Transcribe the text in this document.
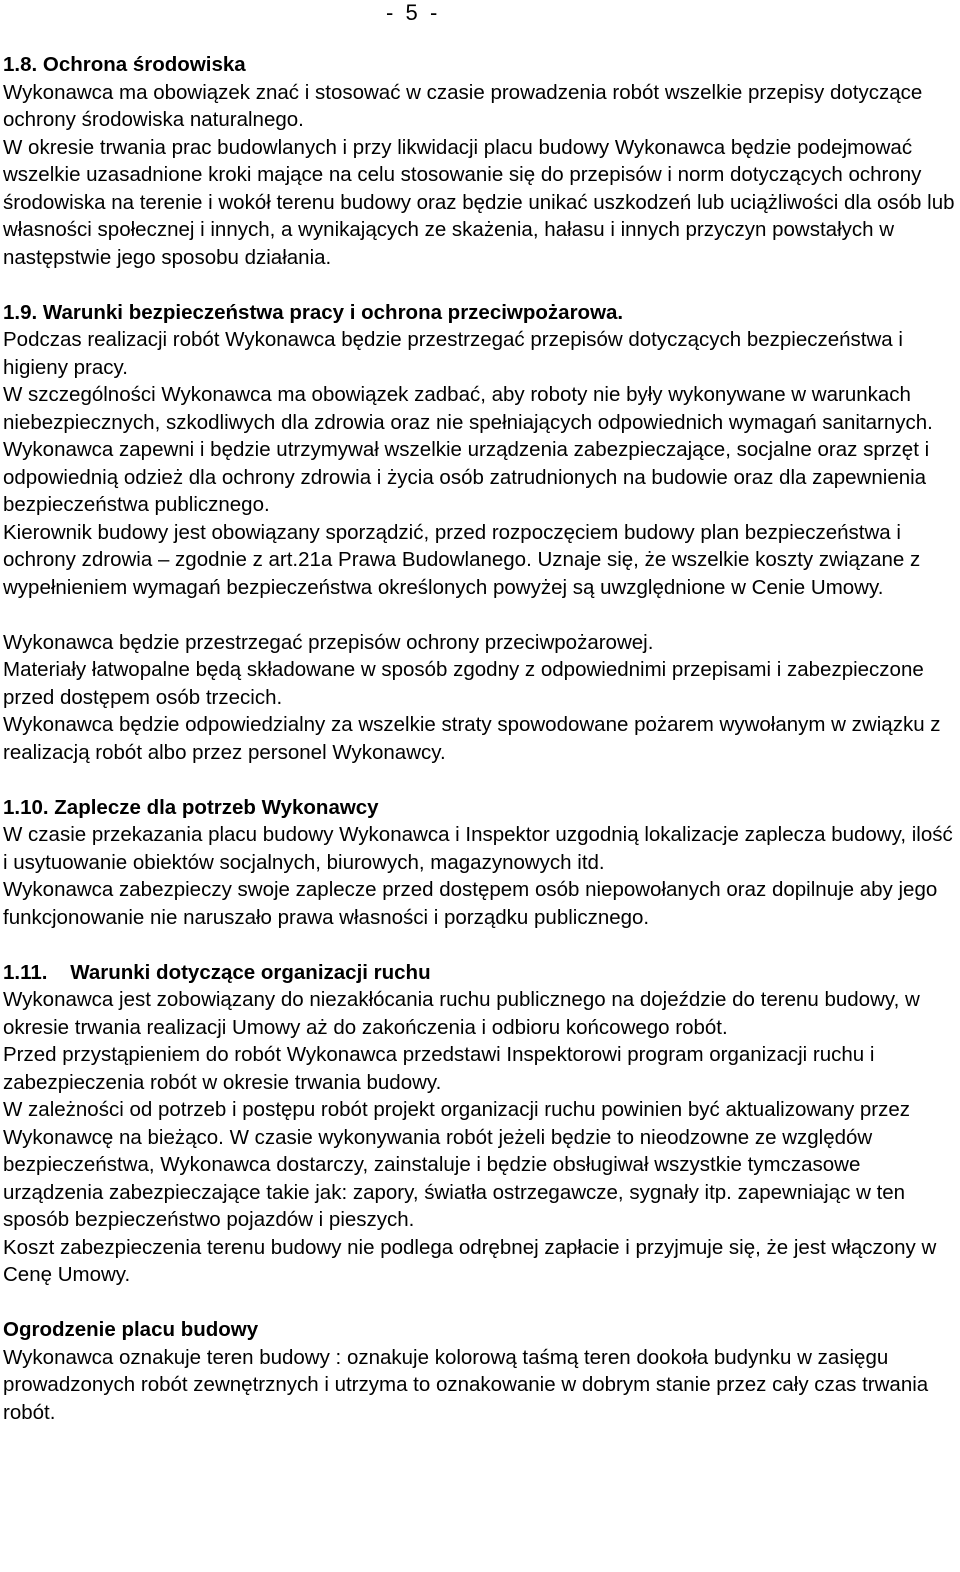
-  5  -

1.8. Ochrona środowiska

Wykonawca ma obowiązek znać i stosować w czasie prowadzenia robót wszelkie przepisy dotyczące ochrony środowiska naturalnego.

W okresie trwania prac budowlanych i przy likwidacji placu budowy Wykonawca będzie podejmować wszelkie uzasadnione kroki mające na celu stosowanie się do przepisów i norm dotyczących ochrony środowiska na terenie i wokół terenu budowy oraz będzie unikać uszkodzeń lub uciążliwości dla osób lub własności społecznej i innych, a wynikających ze skażenia, hałasu i innych przyczyn powstałych w następstwie jego sposobu działania.

1.9. Warunki bezpieczeństwa pracy i ochrona przeciwpożarowa.

Podczas realizacji robót Wykonawca będzie przestrzegać przepisów dotyczących bezpieczeństwa i higieny pracy.

W szczególności Wykonawca ma obowiązek zadbać, aby roboty nie były wykonywane w warunkach niebezpiecznych, szkodliwych dla zdrowia oraz nie spełniających odpowiednich wymagań sanitarnych.

Wykonawca zapewni i będzie utrzymywał wszelkie urządzenia zabezpieczające, socjalne oraz sprzęt i odpowiednią odzież dla ochrony zdrowia i życia osób zatrudnionych na budowie oraz dla zapewnienia bezpieczeństwa publicznego.

Kierownik budowy jest obowiązany sporządzić, przed rozpoczęciem budowy plan bezpieczeństwa i ochrony zdrowia – zgodnie z art.21a Prawa Budowlanego. Uznaje się, że wszelkie koszty związane z wypełnieniem wymagań bezpieczeństwa określonych powyżej są uwzględnione w Cenie Umowy.

Wykonawca będzie przestrzegać przepisów ochrony przeciwpożarowej.

Materiały łatwopalne będą składowane w sposób zgodny z odpowiednimi przepisami i zabezpieczone przed dostępem osób trzecich.

Wykonawca będzie odpowiedzialny za wszelkie straty spowodowane pożarem wywołanym w związku z realizacją robót albo przez personel Wykonawcy.

1.10. Zaplecze dla potrzeb Wykonawcy

W czasie przekazania placu budowy Wykonawca i Inspektor uzgodnią lokalizacje zaplecza budowy, ilość i usytuowanie obiektów socjalnych, biurowych, magazynowych itd.

Wykonawca zabezpieczy swoje zaplecze przed dostępem osób niepowołanych oraz dopilnuje aby jego funkcjonowanie nie naruszało prawa własności i porządku publicznego.

1.11.    Warunki dotyczące organizacji ruchu

Wykonawca jest zobowiązany do niezakłócania ruchu publicznego na dojeździe do terenu budowy, w okresie trwania realizacji Umowy aż do zakończenia i odbioru końcowego robót.

Przed przystąpieniem do robót Wykonawca przedstawi Inspektorowi program organizacji ruchu i zabezpieczenia robót w okresie trwania budowy.

W zależności od potrzeb i postępu robót projekt organizacji ruchu powinien być aktualizowany przez Wykonawcę na bieżąco. W czasie wykonywania robót jeżeli będzie to nieodzowne ze względów bezpieczeństwa, Wykonawca dostarczy, zainstaluje i będzie obsługiwał wszystkie tymczasowe urządzenia zabezpieczające takie jak: zapory, światła ostrzegawcze, sygnały itp. zapewniając w ten sposób bezpieczeństwo pojazdów i pieszych.

Koszt zabezpieczenia terenu budowy nie podlega odrębnej zapłacie i przyjmuje się, że jest włączony w Cenę Umowy.

Ogrodzenie placu budowy

Wykonawca oznakuje teren budowy : oznakuje kolorową taśmą teren dookoła budynku w zasięgu prowadzonych robót zewnętrznych i utrzyma to oznakowanie w dobrym stanie przez cały czas trwania robót.
